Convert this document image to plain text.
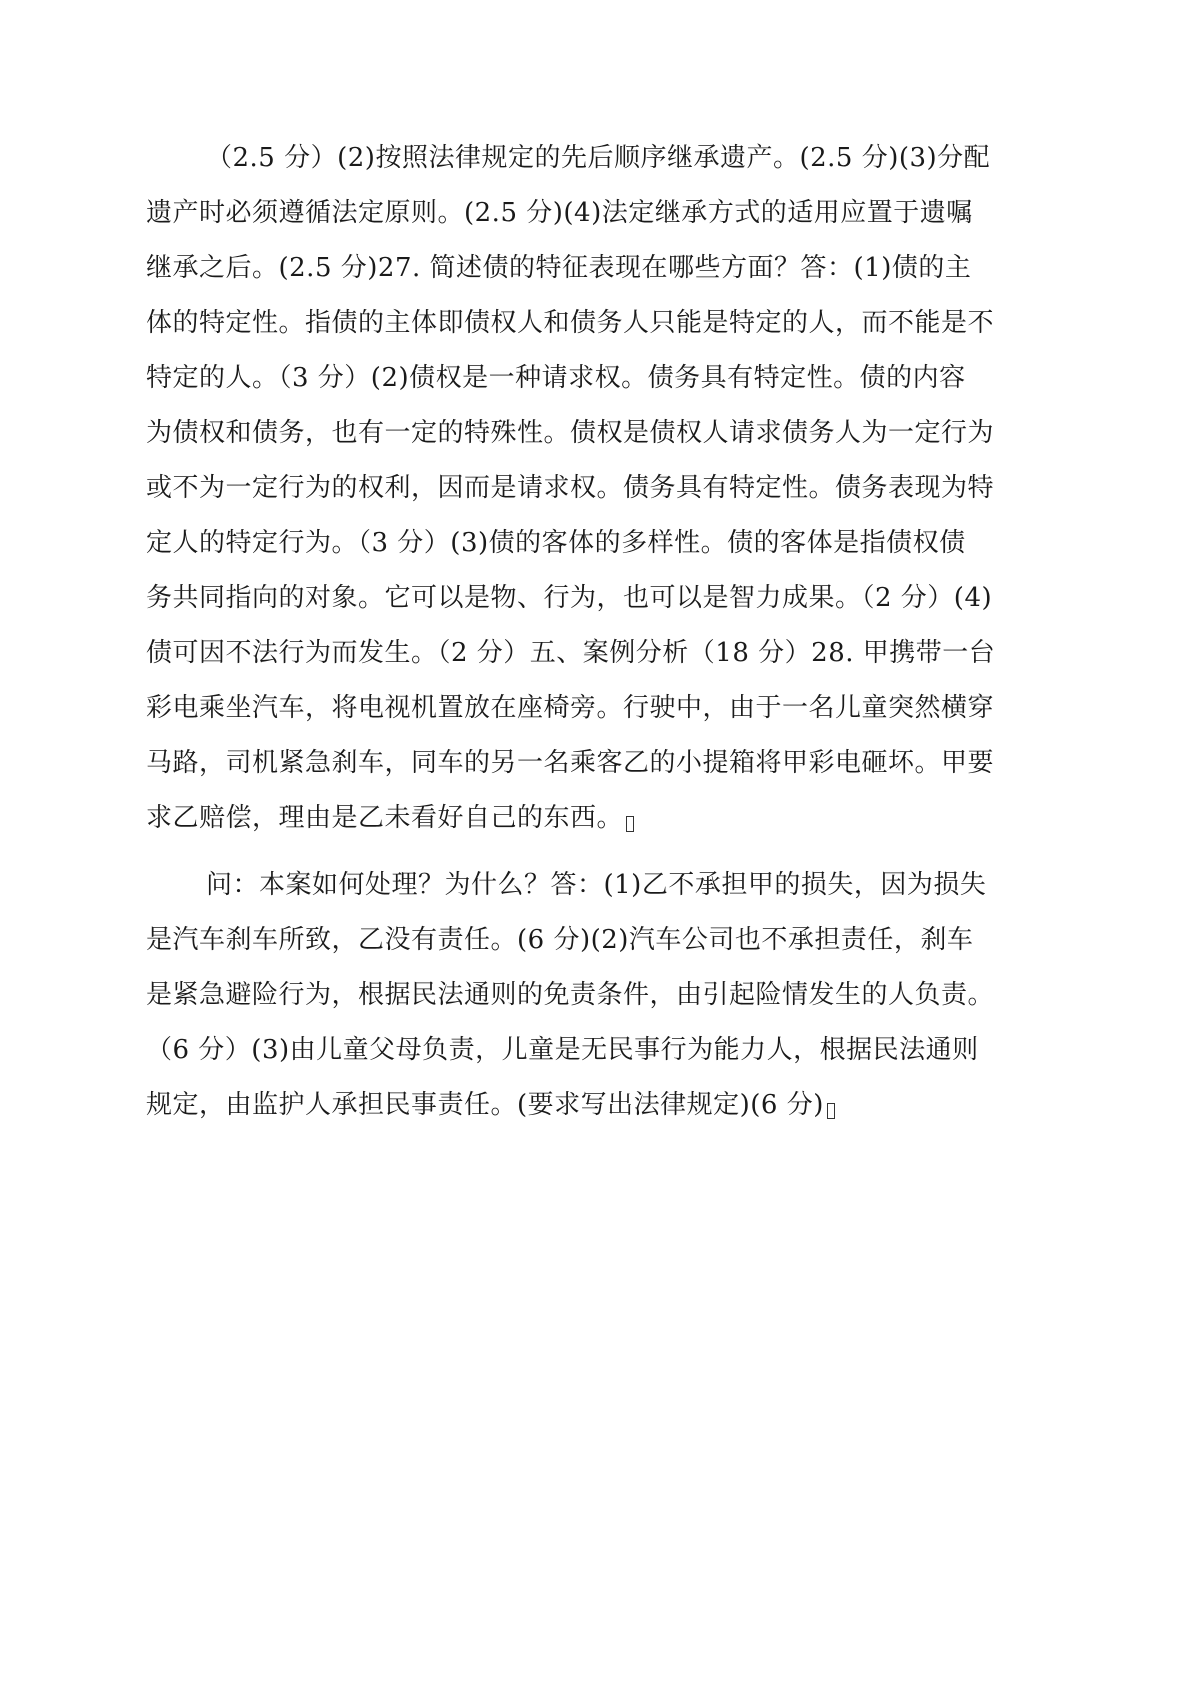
（2.5 分）(2)按照法律规定的先后顺序继承遗产。(2.5 分)(3)分配
遗产时必须遵循法定原则。(2.5 分)(4)法定继承方式的适用应置于遗嘱
继承之后。(2.5 分)27. 简述债的特征表现在哪些方面？答：(1)债的主
体的特定性。指债的主体即债权人和债务人只能是特定的人，而不能是不
特定的人。（3 分）(2)债权是一种请求权。债务具有特定性。债的内容
为债权和债务，也有一定的特殊性。债权是债权人请求债务人为一定行为
或不为一定行为的权利，因而是请求权。债务具有特定性。债务表现为特
定人的特定行为。（3 分）(3)债的客体的多样性。债的客体是指债权债
务共同指向的对象。它可以是物、行为，也可以是智力成果。（2 分）(4)
债可因不法行为而发生。（2 分）五、案例分析（18 分）28. 甲携带一台
彩电乘坐汽车，将电视机置放在座椅旁。行驶中，由于一名儿童突然横穿
马路，司机紧急刹车，同车的另一名乘客乙的小提箱将甲彩电砸坏。甲要
求乙赔偿，理由是乙未看好自己的东西。
问：本案如何处理？为什么？答：(1)乙不承担甲的损失，因为损失
是汽车刹车所致，乙没有责任。(6 分)(2)汽车公司也不承担责任，刹车
是紧急避险行为，根据民法通则的免责条件，由引起险情发生的人负责。
（6 分）(3)由儿童父母负责，儿童是无民事行为能力人，根据民法通则
规定，由监护人承担民事责任。(要求写出法律规定)(6 分)
